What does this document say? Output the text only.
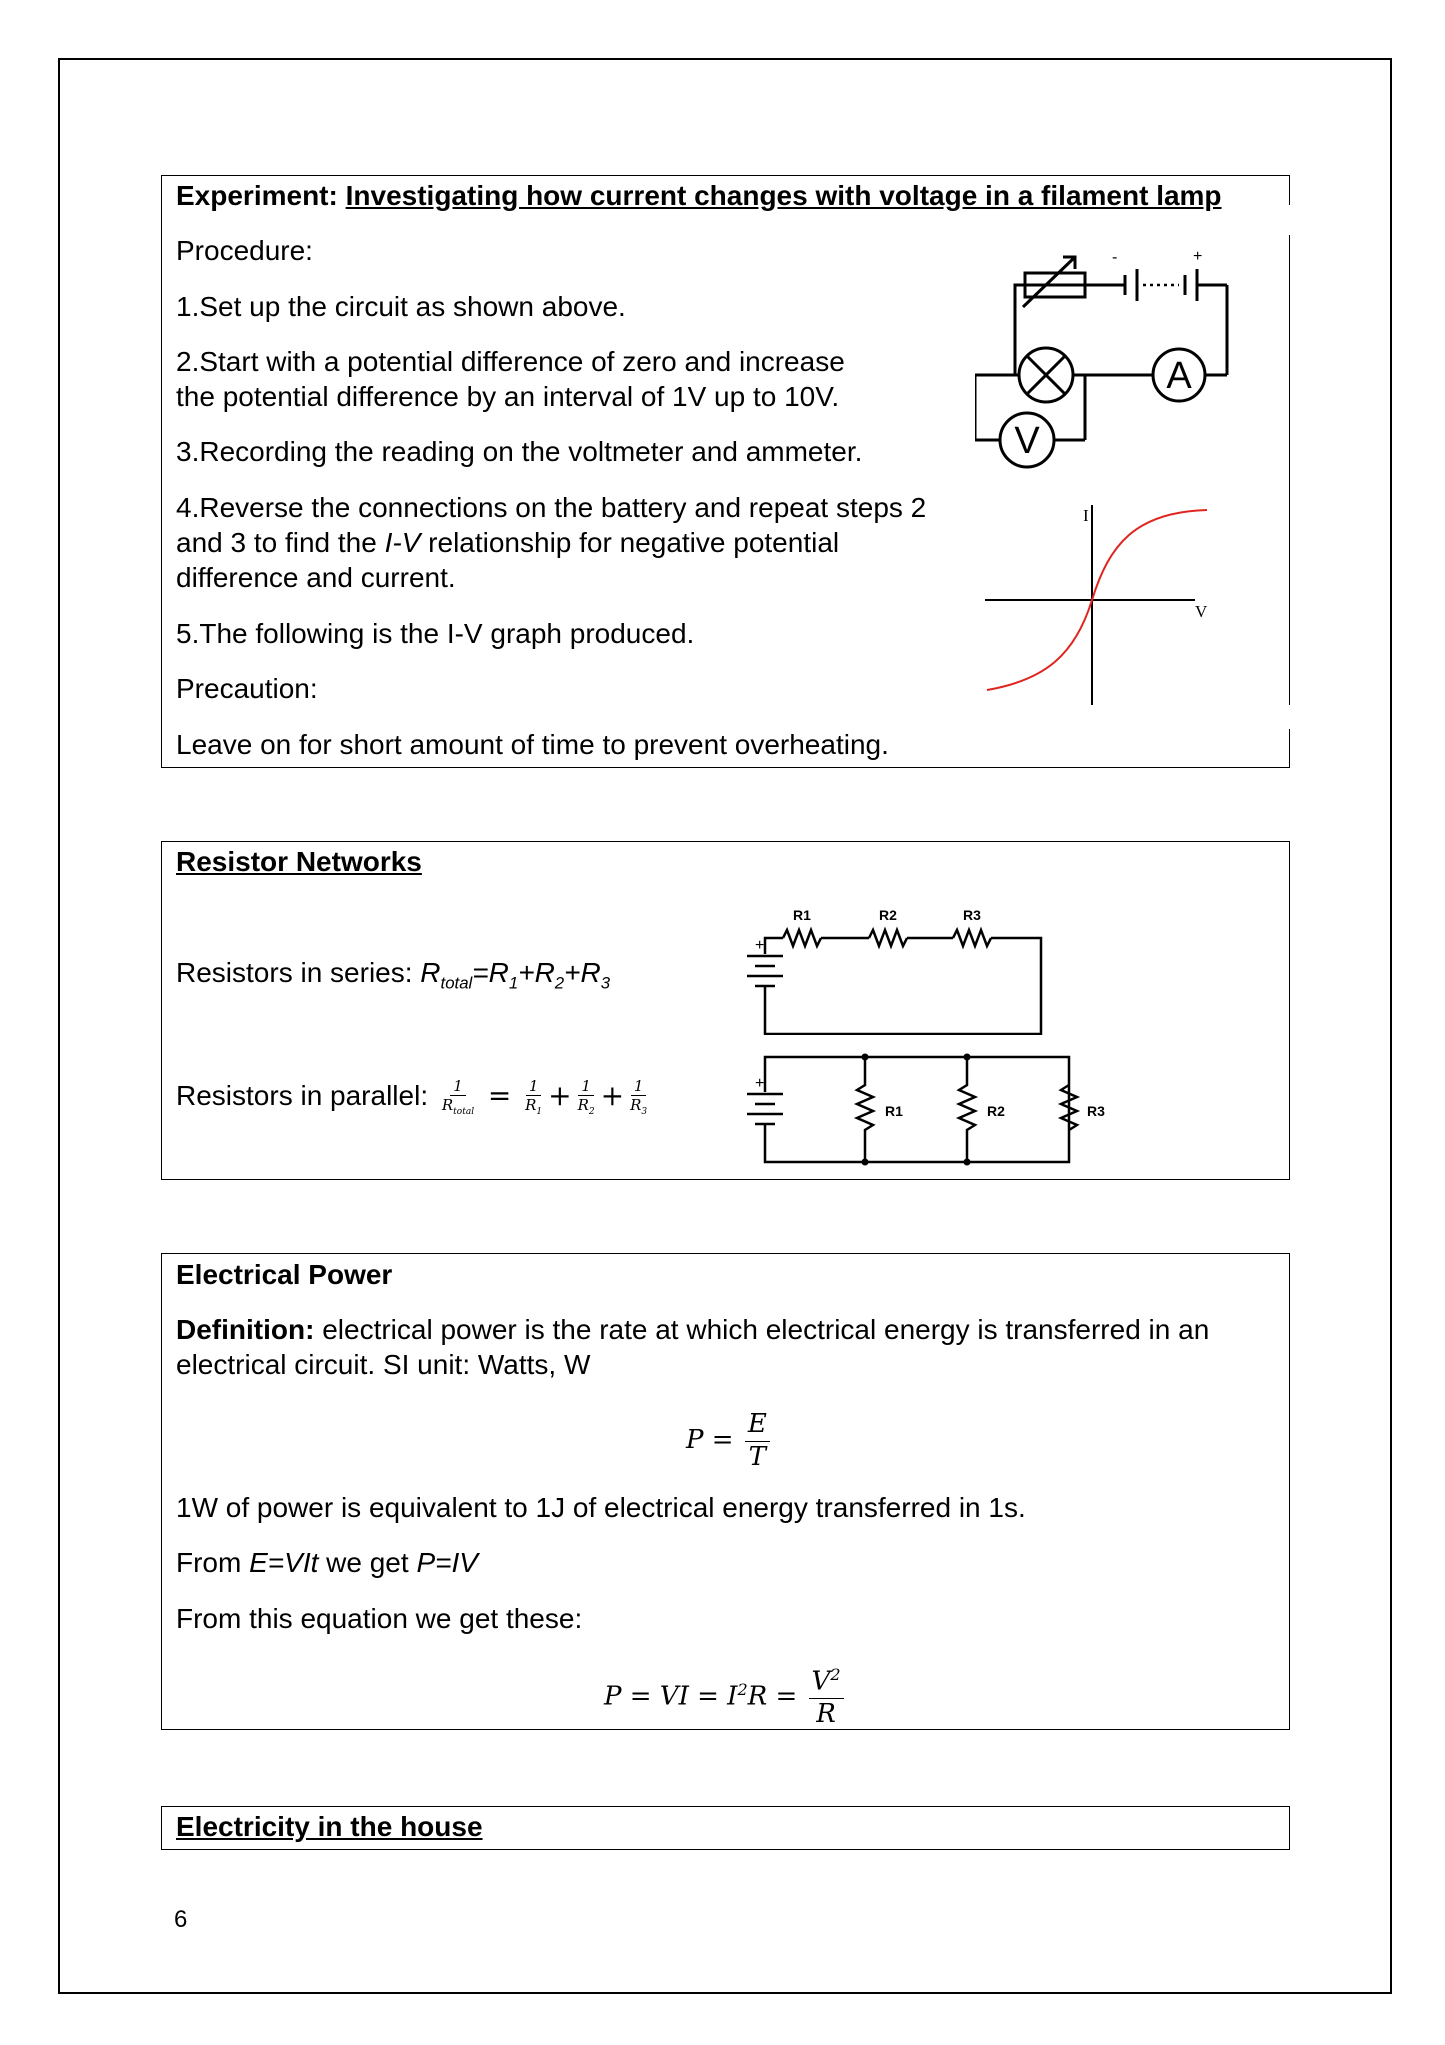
Experiment: Investigating how current changes with voltage in a filament lamp
Procedure:
1.Set up the circuit as shown above.
2.Start with a potential difference of zero and increase
the potential difference by an interval of 1V up to 10V.
3.Recording the reading on the voltmeter and ammeter.
4.Reverse the connections on the battery and repeat steps 2
and 3 to find the I-V relationship for negative potential
difference and current.
5.The following is the I-V graph produced.
Precaution:
Leave on for short amount of time to prevent overheating.
-	+
A
V
I
V
Resistor Networks
Resistors in series: $R_{total}=R_1+R_2+R_3$
Resistors in parallel: $\frac{1}{R_{total}} = \frac{1}{R_1} + \frac{1}{R_2} + \frac{1}{R_3}$
+
R1	R2	R3
+
R1	R2	R3
Electrical Power
Definition: electrical power is the rate at which electrical energy is transferred in an
electrical circuit. SI unit: Watts, W
$P = \frac{E}{T}$
1W of power is equivalent to 1J of electrical energy transferred in 1s.
From E=VIt we get P=IV
From this equation we get these:
P = VI = $I^2R = \frac{V^2}{R}$
Electricity in the house
6
